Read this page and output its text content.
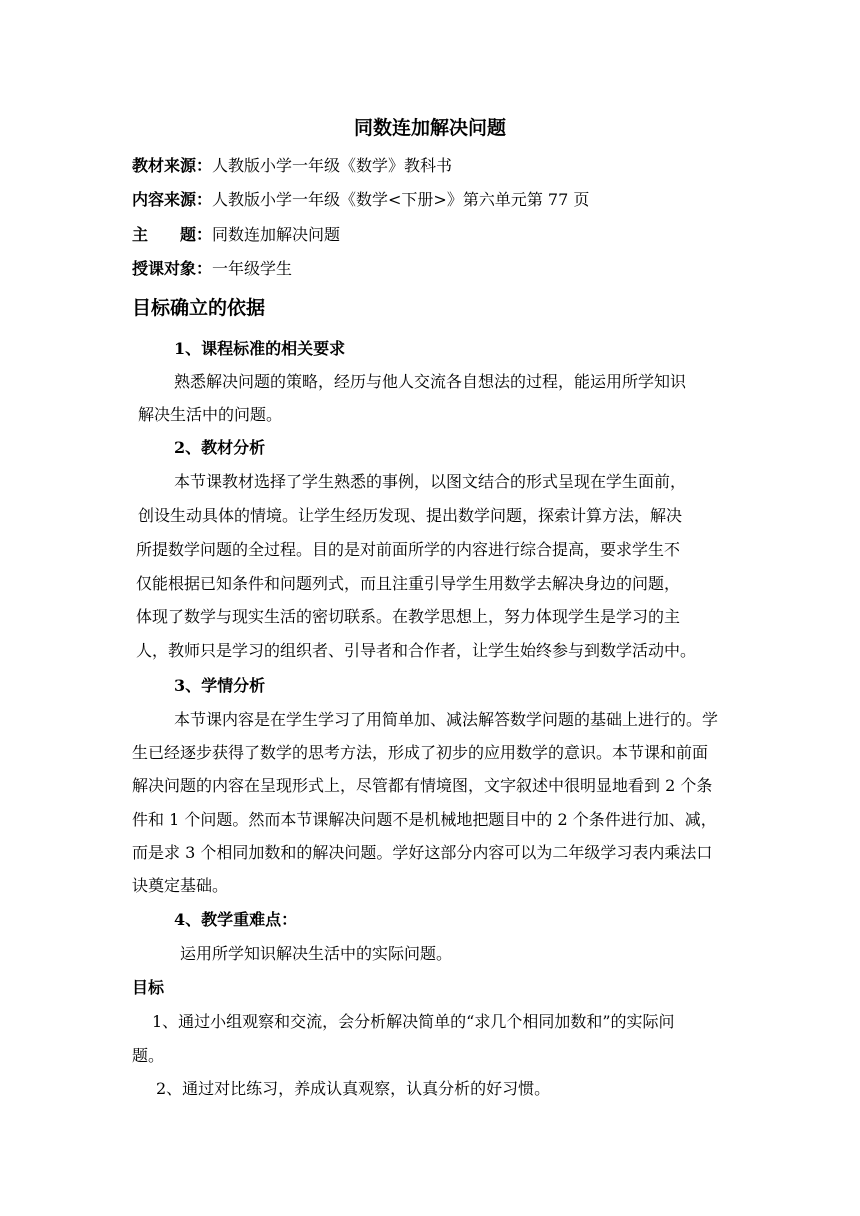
同数连加解决问题
教材来源：人教版小学一年级《数学》教科书
内容来源：人教版小学一年级《数学<下册>》第六单元第 77 页
主　　题：同数连加解决问题
授课对象：一年级学生
目标确立的依据
1、课程标准的相关要求
熟悉解决问题的策略，经历与他人交流各自想法的过程，能运用所学知识
解决生活中的问题。
2、教材分析
本节课教材选择了学生熟悉的事例，以图文结合的形式呈现在学生面前，
创设生动具体的情境。让学生经历发现、提出数学问题，探索计算方法，解决
所提数学问题的全过程。目的是对前面所学的内容进行综合提高，要求学生不
仅能根据已知条件和问题列式，而且注重引导学生用数学去解决身边的问题，
体现了数学与现实生活的密切联系。在教学思想上，努力体现学生是学习的主
人，教师只是学习的组织者、引导者和合作者，让学生始终参与到数学活动中。
3、学情分析
本节课内容是在学生学习了用简单加、减法解答数学问题的基础上进行的。学
生已经逐步获得了数学的思考方法，形成了初步的应用数学的意识。本节课和前面
解决问题的内容在呈现形式上，尽管都有情境图，文字叙述中很明显地看到 2 个条
件和 1 个问题。然而本节课解决问题不是机械地把题目中的 2 个条件进行加、减，
而是求 3 个相同加数和的解决问题。学好这部分内容可以为二年级学习表内乘法口
诀奠定基础。
4、教学重难点：
运用所学知识解决生活中的实际问题。
目标
1、通过小组观察和交流，会分析解决简单的“求几个相同加数和”的实际问
题。
2、通过对比练习，养成认真观察，认真分析的好习惯。
